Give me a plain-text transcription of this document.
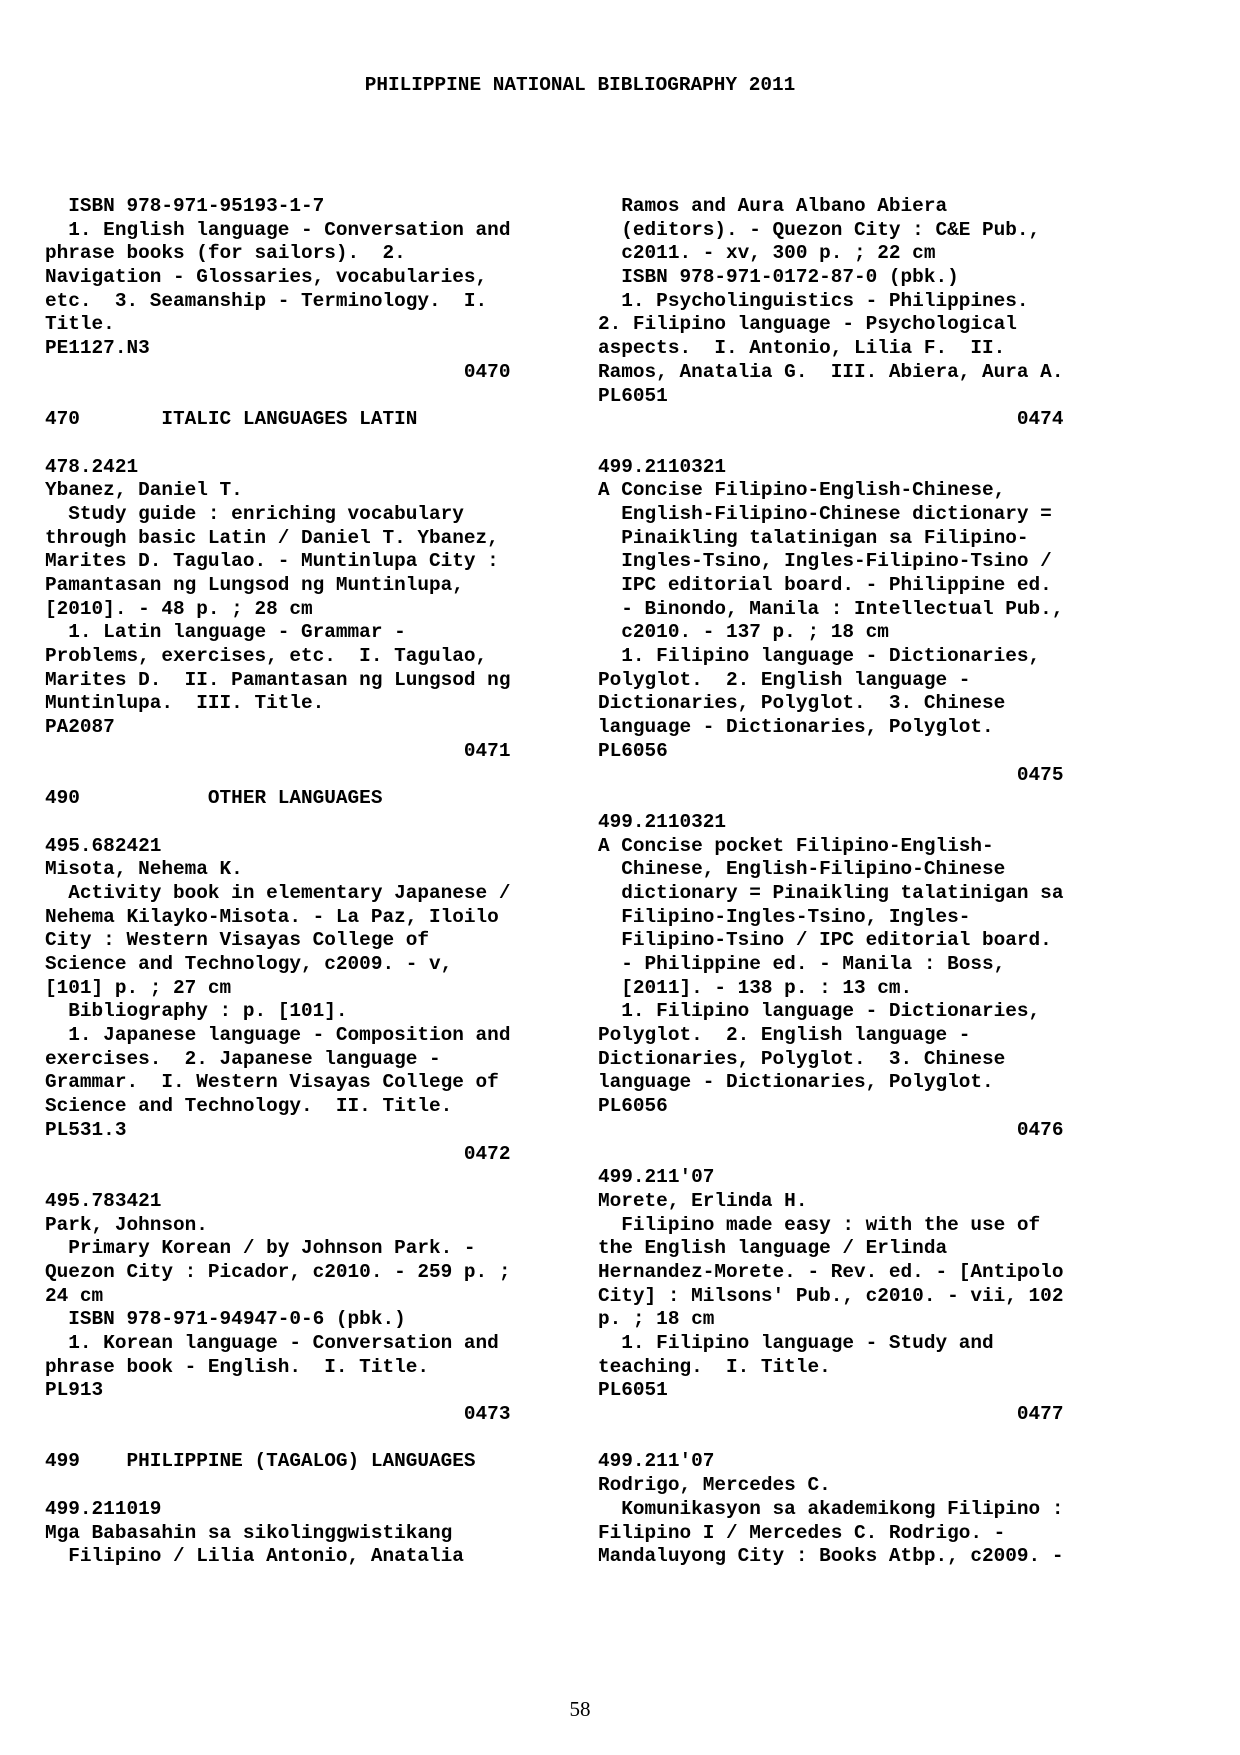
PHILIPPINE NATIONAL BIBLIOGRAPHY 2011
ISBN 978-971-95193-1-7
1. English language - Conversation and
phrase books (for sailors).  2.
Navigation - Glossaries, vocabularies,
etc.  3. Seamanship - Terminology.  I.
Title.
PE1127.N3
0470
470       ITALIC LANGUAGES LATIN
478.2421
Ybanez, Daniel T.
Study guide : enriching vocabulary
through basic Latin / Daniel T. Ybanez,
Marites D. Tagulao. - Muntinlupa City :
Pamantasan ng Lungsod ng Muntinlupa,
[2010]. - 48 p. ; 28 cm
1. Latin language - Grammar -
Problems, exercises, etc.  I. Tagulao,
Marites D.  II. Pamantasan ng Lungsod ng
Muntinlupa.  III. Title.
PA2087
0471
490           OTHER LANGUAGES
495.682421
Misota, Nehema K.
Activity book in elementary Japanese /
Nehema Kilayko-Misota. - La Paz, Iloilo
City : Western Visayas College of
Science and Technology, c2009. - v,
[101] p. ; 27 cm
Bibliography : p. [101].
1. Japanese language - Composition and
exercises.  2. Japanese language -
Grammar.  I. Western Visayas College of
Science and Technology.  II. Title.
PL531.3
0472
495.783421
Park, Johnson.
Primary Korean / by Johnson Park. -
Quezon City : Picador, c2010. - 259 p. ;
24 cm
ISBN 978-971-94947-0-6 (pbk.)
1. Korean language - Conversation and
phrase book - English.  I. Title.
PL913
0473
499    PHILIPPINE (TAGALOG) LANGUAGES
499.211019
Mga Babasahin sa sikolinggwistikang
Filipino / Lilia Antonio, Anatalia
Ramos and Aura Albano Abiera
(editors). - Quezon City : C&E Pub.,
c2011. - xv, 300 p. ; 22 cm
ISBN 978-971-0172-87-0 (pbk.)
1. Psycholinguistics - Philippines.
2. Filipino language - Psychological
aspects.  I. Antonio, Lilia F.  II.
Ramos, Anatalia G.  III. Abiera, Aura A.
PL6051
0474
499.2110321
A Concise Filipino-English-Chinese,
English-Filipino-Chinese dictionary =
Pinaikling talatinigan sa Filipino-
Ingles-Tsino, Ingles-Filipino-Tsino /
IPC editorial board. - Philippine ed.
- Binondo, Manila : Intellectual Pub.,
c2010. - 137 p. ; 18 cm
1. Filipino language - Dictionaries,
Polyglot.  2. English language -
Dictionaries, Polyglot.  3. Chinese
language - Dictionaries, Polyglot.
PL6056
0475
499.2110321
A Concise pocket Filipino-English-
Chinese, English-Filipino-Chinese
dictionary = Pinaikling talatinigan sa
Filipino-Ingles-Tsino, Ingles-
Filipino-Tsino / IPC editorial board.
- Philippine ed. - Manila : Boss,
[2011]. - 138 p. : 13 cm.
1. Filipino language - Dictionaries,
Polyglot.  2. English language -
Dictionaries, Polyglot.  3. Chinese
language - Dictionaries, Polyglot.
PL6056
0476
499.211'07
Morete, Erlinda H.
Filipino made easy : with the use of
the English language / Erlinda
Hernandez-Morete. - Rev. ed. - [Antipolo
City] : Milsons' Pub., c2010. - vii, 102
p. ; 18 cm
1. Filipino language - Study and
teaching.  I. Title.
PL6051
0477
499.211'07
Rodrigo, Mercedes C.
Komunikasyon sa akademikong Filipino :
Filipino I / Mercedes C. Rodrigo. -
Mandaluyong City : Books Atbp., c2009. -
58
